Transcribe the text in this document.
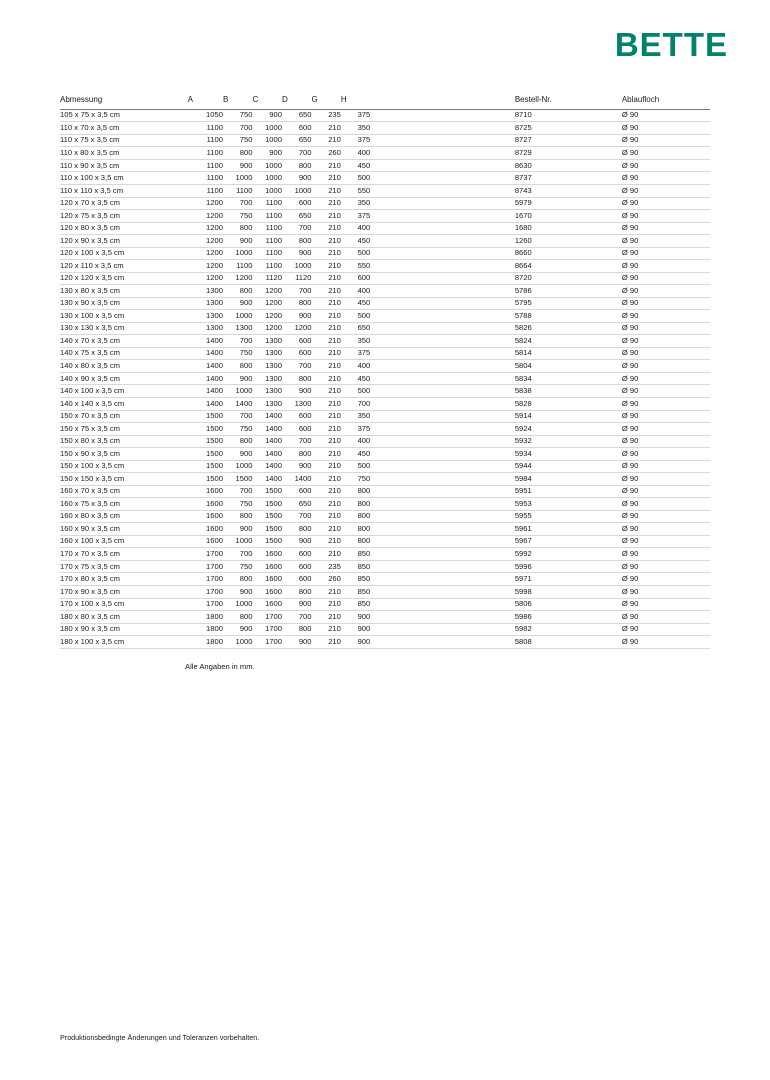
BETTE
Abmessung	A	B	C	D	G	H		Bestell-Nr.	Ablaufloch
105 x 75 x 3,5 cm	1050	750	900	650	235	375		8710	Ø 90
110 x 70 x 3,5 cm	1100	700	1000	600	210	350		8725	Ø 90
110 x 75 x 3,5 cm	1100	750	1000	650	210	375		8727	Ø 90
110 x 80 x 3,5 cm	1100	800	900	700	260	400		8729	Ø 90
110 x 90 x 3,5 cm	1100	900	1000	800	210	450		8630	Ø 90
110 x 100 x 3,5 cm	1100	1000	1000	900	210	500		8737	Ø 90
110 x 110 x 3,5 cm	1100	1100	1000	1000	210	550		8743	Ø 90
120 x 70 x 3,5 cm	1200	700	1100	600	210	350		5979	Ø 90
120 x 75 x 3,5 cm	1200	750	1100	650	210	375		1670	Ø 90
120 x 80 x 3,5 cm	1200	800	1100	700	210	400		1680	Ø 90
120 x 90 x 3,5 cm	1200	900	1100	800	210	450		1260	Ø 90
120 x 100 x 3,5 cm	1200	1000	1100	900	210	500		8660	Ø 90
120 x 110 x 3,5 cm	1200	1100	1100	1000	210	550		8664	Ø 90
120 x 120 x 3,5 cm	1200	1200	1120	1120	210	600		8720	Ø 90
130 x 80 x 3,5 cm	1300	800	1200	700	210	400		5786	Ø 90
130 x 90 x 3,5 cm	1300	900	1200	800	210	450		5795	Ø 90
130 x 100 x 3,5 cm	1300	1000	1200	900	210	500		5788	Ø 90
130 x 130 x 3,5 cm	1300	1300	1200	1200	210	650		5826	Ø 90
140 x 70 x 3,5 cm	1400	700	1300	600	210	350		5824	Ø 90
140 x 75 x 3,5 cm	1400	750	1300	600	210	375		5814	Ø 90
140 x 80 x 3,5 cm	1400	800	1300	700	210	400		5804	Ø 90
140 x 90 x 3,5 cm	1400	900	1300	800	210	450		5834	Ø 90
140 x 100 x 3,5 cm	1400	1000	1300	900	210	500		5838	Ø 90
140 x 140 x 3,5 cm	1400	1400	1300	1300	210	700		5828	Ø 90
150 x 70 x 3,5 cm	1500	700	1400	600	210	350		5914	Ø 90
150 x 75 x 3,5 cm	1500	750	1400	600	210	375		5924	Ø 90
150 x 80 x 3,5 cm	1500	800	1400	700	210	400		5932	Ø 90
150 x 90 x 3,5 cm	1500	900	1400	800	210	450		5934	Ø 90
150 x 100 x 3,5 cm	1500	1000	1400	900	210	500		5944	Ø 90
150 x 150 x 3,5 cm	1500	1500	1400	1400	210	750		5984	Ø 90
160 x 70 x 3,5 cm	1600	700	1500	600	210	800		5951	Ø 90
160 x 75 x 3,5 cm	1600	750	1500	650	210	800		5953	Ø 90
160 x 80 x 3,5 cm	1600	800	1500	700	210	800		5955	Ø 90
160 x 90 x 3,5 cm	1600	900	1500	800	210	800		5961	Ø 90
160 x 100 x 3,5 cm	1600	1000	1500	900	210	800		5967	Ø 90
170 x 70 x 3,5 cm	1700	700	1600	600	210	850		5992	Ø 90
170 x 75 x 3,5 cm	1700	750	1600	600	235	850		5996	Ø 90
170 x 80 x 3,5 cm	1700	800	1600	600	260	850		5971	Ø 90
170 x 90 x 3,5 cm	1700	900	1600	800	210	850		5998	Ø 90
170 x 100 x 3,5 cm	1700	1000	1600	900	210	850		5806	Ø 90
180 x 80 x 3,5 cm	1800	800	1700	700	210	900		5986	Ø 90
180 x 90 x 3,5 cm	1800	900	1700	800	210	900		5982	Ø 90
180 x 100 x 3,5 cm	1800	1000	1700	900	210	900		5808	Ø 90
Alle Angaben in mm.
Produktionsbedingte Änderungen und Toleranzen vorbehalten.
